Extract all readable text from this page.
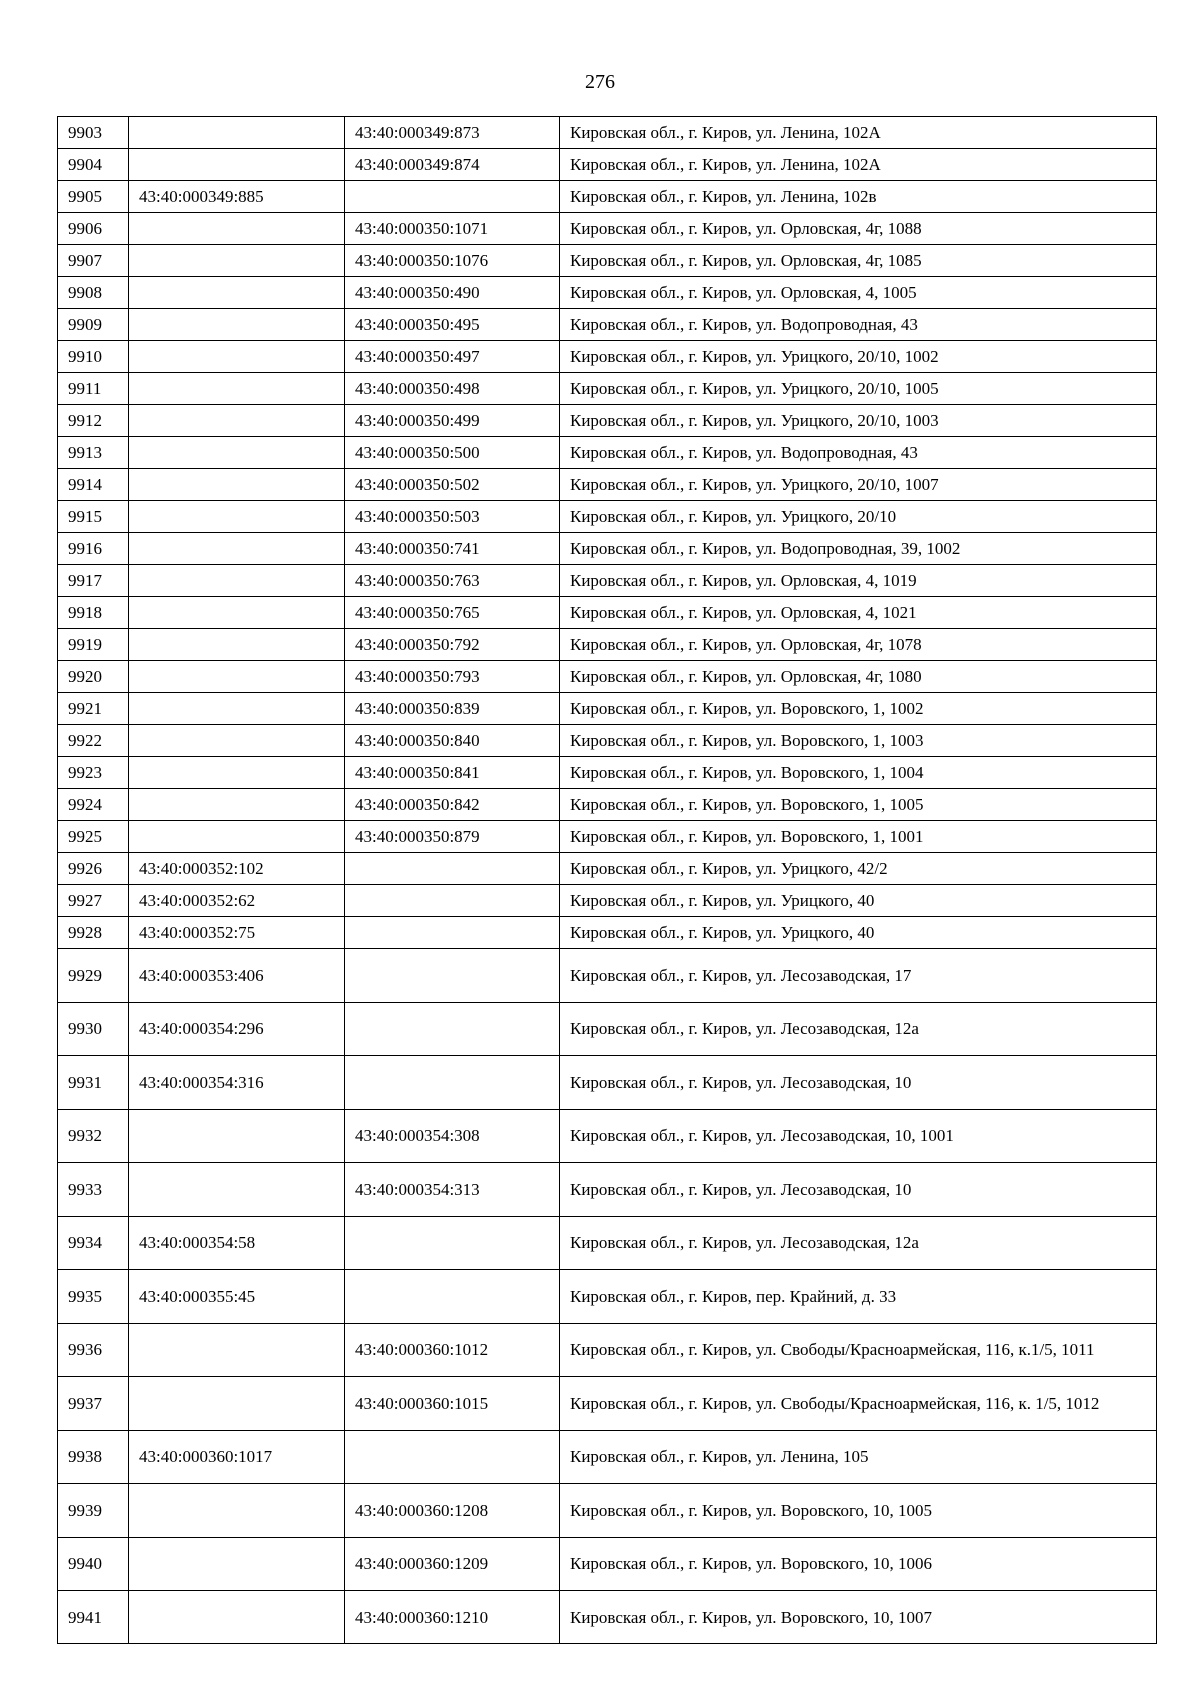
276
9903		43:40:000349:873	Кировская обл., г. Киров, ул. Ленина, 102А
9904		43:40:000349:874	Кировская обл., г. Киров, ул. Ленина, 102А
9905	43:40:000349:885		Кировская обл., г. Киров, ул. Ленина, 102в
9906		43:40:000350:1071	Кировская обл., г. Киров, ул. Орловская, 4г, 1088
9907		43:40:000350:1076	Кировская обл., г. Киров, ул. Орловская, 4г, 1085
9908		43:40:000350:490	Кировская обл., г. Киров, ул. Орловская, 4, 1005
9909		43:40:000350:495	Кировская обл., г. Киров, ул. Водопроводная, 43
9910		43:40:000350:497	Кировская обл., г. Киров, ул. Урицкого, 20/10, 1002
9911		43:40:000350:498	Кировская обл., г. Киров, ул. Урицкого, 20/10, 1005
9912		43:40:000350:499	Кировская обл., г. Киров, ул. Урицкого, 20/10, 1003
9913		43:40:000350:500	Кировская обл., г. Киров, ул. Водопроводная, 43
9914		43:40:000350:502	Кировская обл., г. Киров, ул. Урицкого, 20/10, 1007
9915		43:40:000350:503	Кировская обл., г. Киров, ул. Урицкого, 20/10
9916		43:40:000350:741	Кировская обл., г. Киров, ул. Водопроводная, 39, 1002
9917		43:40:000350:763	Кировская обл., г. Киров, ул. Орловская, 4, 1019
9918		43:40:000350:765	Кировская обл., г. Киров, ул. Орловская, 4, 1021
9919		43:40:000350:792	Кировская обл., г. Киров, ул. Орловская, 4г, 1078
9920		43:40:000350:793	Кировская обл., г. Киров, ул. Орловская, 4г, 1080
9921		43:40:000350:839	Кировская обл., г. Киров, ул. Воровского, 1, 1002
9922		43:40:000350:840	Кировская обл., г. Киров, ул. Воровского, 1, 1003
9923		43:40:000350:841	Кировская обл., г. Киров, ул. Воровского, 1, 1004
9924		43:40:000350:842	Кировская обл., г. Киров, ул. Воровского, 1, 1005
9925		43:40:000350:879	Кировская обл., г. Киров, ул. Воровского, 1, 1001
9926	43:40:000352:102		Кировская обл., г. Киров, ул. Урицкого, 42/2
9927	43:40:000352:62		Кировская обл., г. Киров, ул. Урицкого, 40
9928	43:40:000352:75		Кировская обл., г. Киров, ул. Урицкого, 40
9929	43:40:000353:406		Кировская обл., г. Киров, ул. Лесозаводская, 17
9930	43:40:000354:296		Кировская обл., г. Киров, ул. Лесозаводская, 12а
9931	43:40:000354:316		Кировская обл., г. Киров, ул. Лесозаводская, 10
9932		43:40:000354:308	Кировская обл., г. Киров, ул. Лесозаводская, 10, 1001
9933		43:40:000354:313	Кировская обл., г. Киров, ул. Лесозаводская, 10
9934	43:40:000354:58		Кировская обл., г. Киров, ул. Лесозаводская, 12а
9935	43:40:000355:45		Кировская обл., г. Киров, пер. Крайний, д. 33
9936		43:40:000360:1012	Кировская обл., г. Киров, ул. Свободы/Красноармейская, 116, к.1/5, 1011
9937		43:40:000360:1015	Кировская обл., г. Киров, ул. Свободы/Красноармейская, 116, к. 1/5, 1012
9938	43:40:000360:1017		Кировская обл., г. Киров, ул. Ленина, 105
9939		43:40:000360:1208	Кировская обл., г. Киров, ул. Воровского, 10, 1005
9940		43:40:000360:1209	Кировская обл., г. Киров, ул. Воровского, 10, 1006
9941		43:40:000360:1210	Кировская обл., г. Киров, ул. Воровского, 10, 1007
